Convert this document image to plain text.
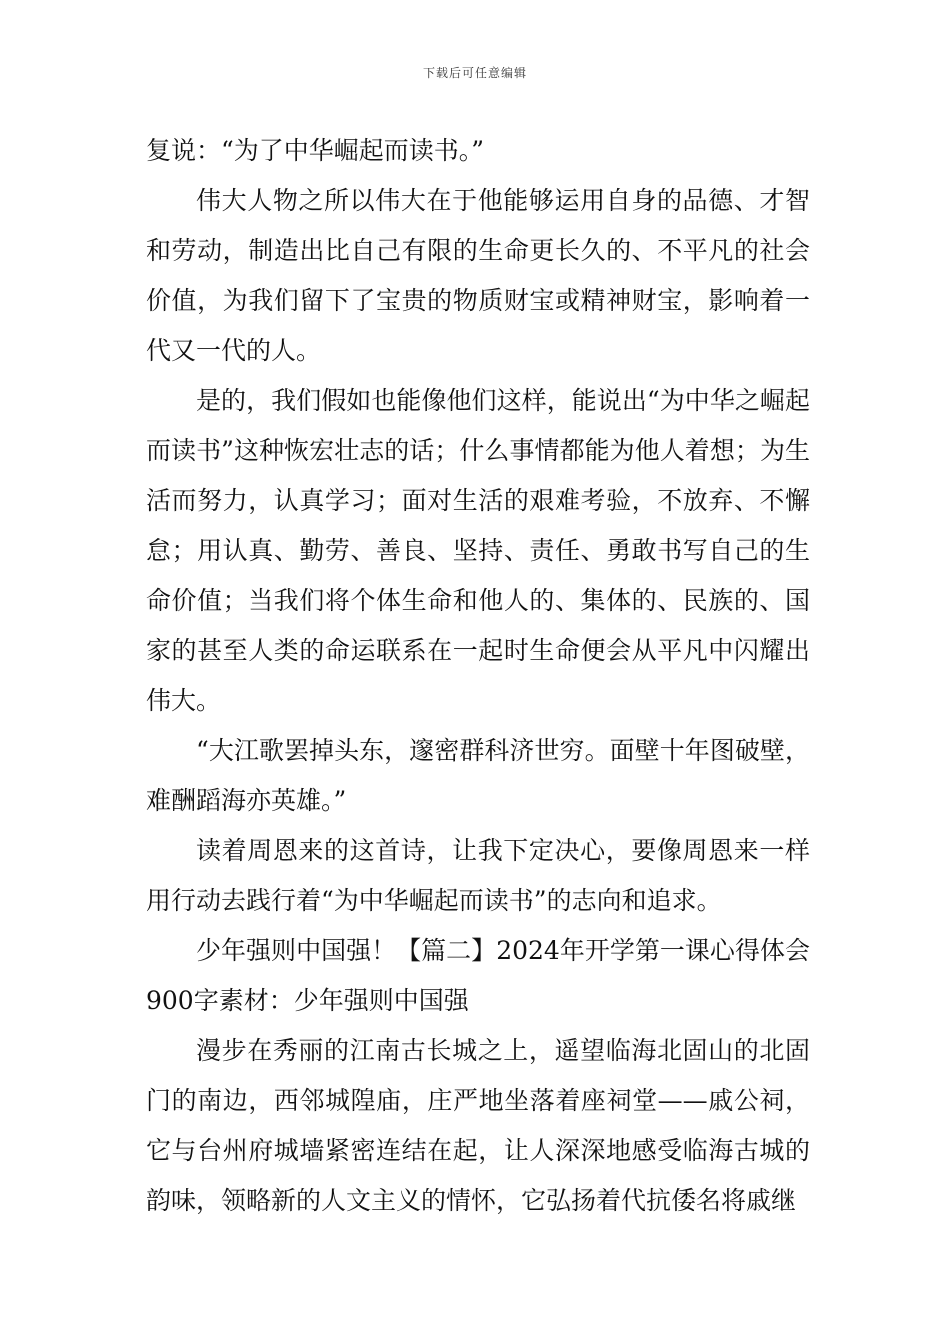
下载后可任意编辑

复说：“为了中华崛起而读书。”

伟大人物之所以伟大在于他能够运用自身的品德、才智和劳动，制造出比自己有限的生命更长久的、不平凡的社会价值，为我们留下了宝贵的物质财宝或精神财宝，影响着一代又一代的人。

是的，我们假如也能像他们这样，能说出“为中华之崛起而读书”这种恢宏壮志的话；什么事情都能为他人着想；为生活而努力，认真学习；面对生活的艰难考验，不放弃、不懈怠；用认真、勤劳、善良、坚持、责任、勇敢书写自己的生命价值；当我们将个体生命和他人的、集体的、民族的、国家的甚至人类的命运联系在一起时生命便会从平凡中闪耀出伟大。

“大江歌罢掉头东，邃密群科济世穷。面壁十年图破壁，难酬蹈海亦英雄。”

读着周恩来的这首诗，让我下定决心，要像周恩来一样用行动去践行着“为中华崛起而读书”的志向和追求。

少年强则中国强！【篇二】2024年开学第一课心得体会900字素材：少年强则中国强

漫步在秀丽的江南古长城之上，遥望临海北固山的北固门的南边，西邻城隍庙，庄严地坐落着座祠堂——戚公祠，它与台州府城墙紧密连结在起，让人深深地感受临海古城的韵味，领略新的人文主义的情怀，它弘扬着代抗倭名将戚继
